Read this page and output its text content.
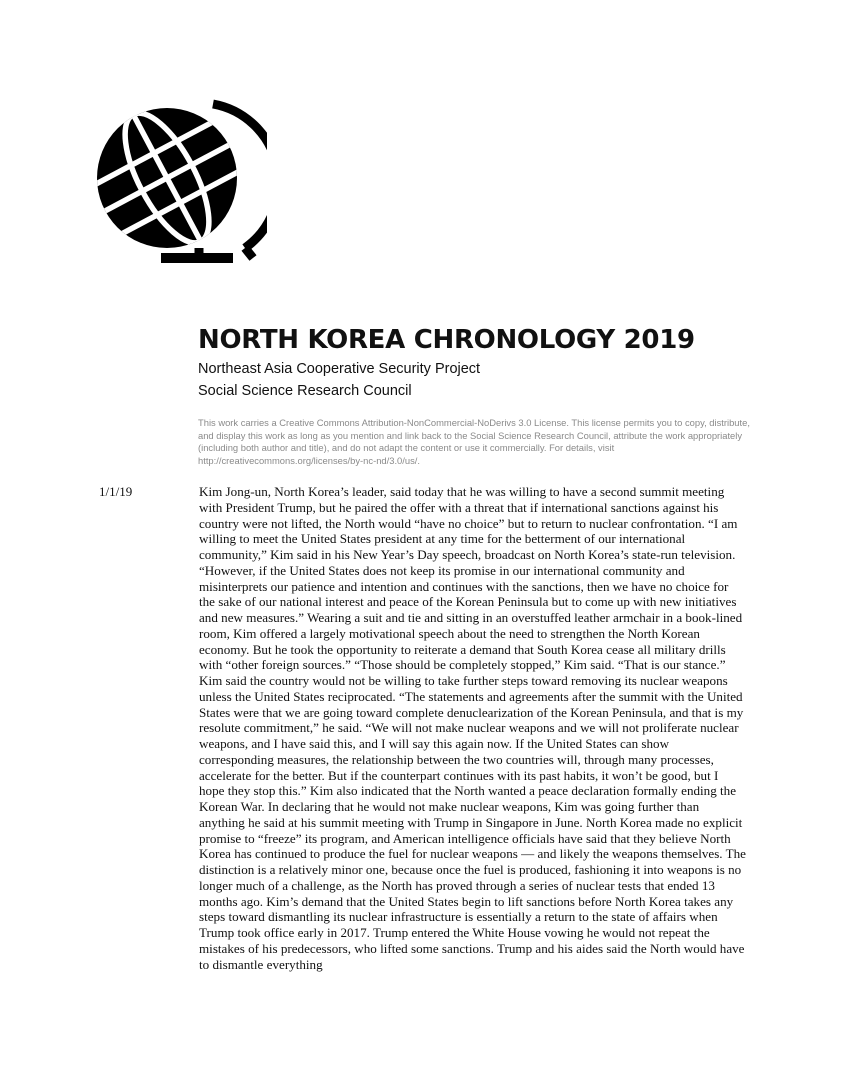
NORTH KOREA CHRONOLOGY 2019
Northeast Asia Cooperative Security Project
Social Science Research Council
This work carries a Creative Commons Attribution-NonCommercial-NoDerivs 3.0 License. This license permits you to copy, distribute, and display this work as long as you mention and link back to the Social Science Research Council, attribute the work appropriately (including both author and title), and do not adapt the content or use it commercially. For details, visit http://creativecommons.org/licenses/by-nc-nd/3.0/us/.
1/1/19	Kim Jong-un, North Korea’s leader, said today that he was willing to have a second summit meeting with President Trump, but he paired the offer with a threat that if international sanctions against his country were not lifted, the North would “have no choice” but to return to nuclear confrontation. “I am willing to meet the United States president at any time for the betterment of our international community,” Kim said in his New Year’s Day speech, broadcast on North Korea’s state-run television. “However, if the United States does not keep its promise in our international community and misinterprets our patience and intention and continues with the sanctions, then we have no choice for the sake of our national interest and peace of the Korean Peninsula but to come up with new initiatives and new measures.” Wearing a suit and tie and sitting in an overstuffed leather armchair in a book-lined room, Kim offered a largely motivational speech about the need to strengthen the North Korean economy. But he took the opportunity to reiterate a demand that South Korea cease all military drills with “other foreign sources.” “Those should be completely stopped,” Kim said. “That is our stance.” Kim said the country would not be willing to take further steps toward removing its nuclear weapons unless the United States reciprocated. “The statements and agreements after the summit with the United States were that we are going toward complete denuclearization of the Korean Peninsula, and that is my resolute commitment,” he said. “We will not make nuclear weapons and we will not proliferate nuclear weapons, and I have said this, and I will say this again now. If the United States can show corresponding measures, the relationship between the two countries will, through many processes, accelerate for the better. But if the counterpart continues with its past habits, it won’t be good, but I hope they stop this.” Kim also indicated that the North wanted a peace declaration formally ending the Korean War. In declaring that he would not make nuclear weapons, Kim was going further than anything he said at his summit meeting with Trump in Singapore in June. North Korea made no explicit promise to “freeze” its program, and American intelligence officials have said that they believe North Korea has continued to produce the fuel for nuclear weapons — and likely the weapons themselves. The distinction is a relatively minor one, because once the fuel is produced, fashioning it into weapons is no longer much of a challenge, as the North has proved through a series of nuclear tests that ended 13 months ago. Kim’s demand that the United States begin to lift sanctions before North Korea takes any steps toward dismantling its nuclear infrastructure is essentially a return to the state of affairs when Trump took office early in 2017. Trump entered the White House vowing he would not repeat the mistakes of his predecessors, who lifted some sanctions. Trump and his aides said the North would have to dismantle everything
